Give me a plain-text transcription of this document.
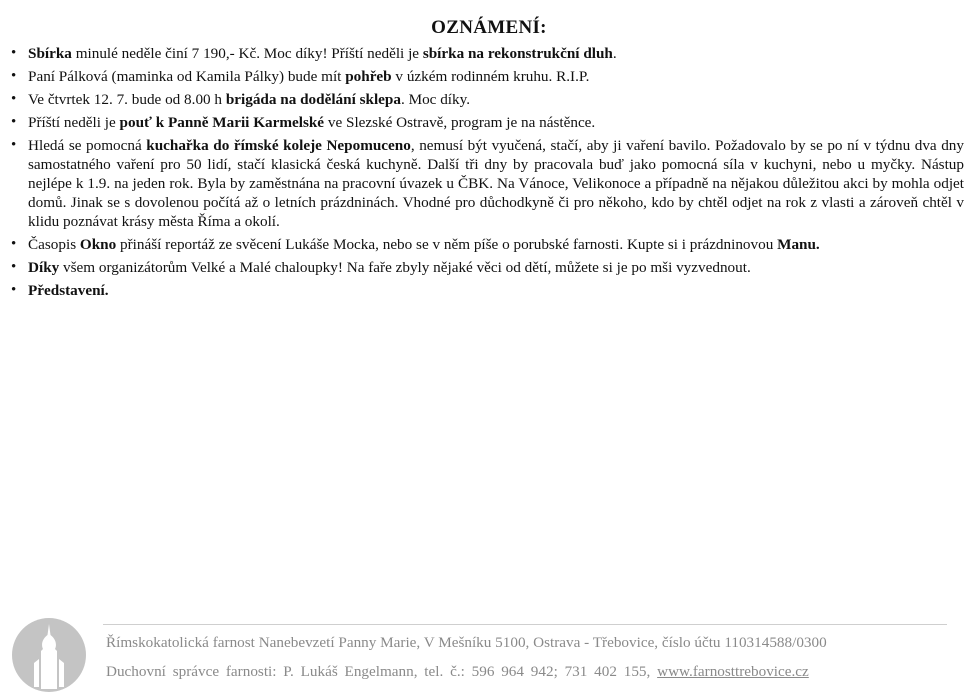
OZNÁMENÍ:
• Sbírka minulé neděle činí 7 190,- Kč. Moc díky! Příští neděli je sbírka na rekonstrukční dluh.
• Paní Pálková (maminka od Kamila Pálky) bude mít pohřeb v úzkém rodinném kruhu. R.I.P.
• Ve čtvrtek 12. 7. bude od 8.00 h brigáda na dodělání sklepa. Moc díky.
• Příští neděli je pouť k Panně Marii Karmelské ve Slezské Ostravě, program je na nástěnce.
• Hledá se pomocná kuchařka do římské koleje Nepomuceno, nemusí být vyučená, stačí, aby ji vaření bavilo. Požadovalo by se po ní v týdnu dva dny samostatného vaření pro 50 lidí, stačí klasická česká kuchyně. Další tři dny by pracovala buď jako pomocná síla v kuchyni, nebo u myčky. Nástup nejlépe k 1.9. na jeden rok. Byla by zaměstnána na pracovní úvazek u ČBK. Na Vánoce, Velikonoce a případně na nějakou důležitou akci by mohla odjet domů. Jinak se s dovolenou počítá až o letních prázdninách. Vhodné pro důchodkyně či pro někoho, kdo by chtěl odjet na rok z vlasti a zároveň chtěl v klidu poznávat krásy města Říma a okolí.
• Časopis Okno přináší reportáž ze svěcení Lukáše Mocka, nebo se v něm píše o porubské farnosti. Kupte si i prázdninovou Manu.
• Díky všem organizátorům Velké a Malé chaloupky! Na faře zbyly nějaké věci od dětí, můžete si je po mši vyzvednout.
• Představení.
Římskokatolická farnost Nanebevzetí Panny Marie, V Mešníku 5100, Ostrava - Třebovice, číslo účtu 110314588/0300
Duchovní správce farnosti: P. Lukáš Engelmann, tel. č.: 596 964 942; 731 402 155, www.farnosttrebovice.cz
